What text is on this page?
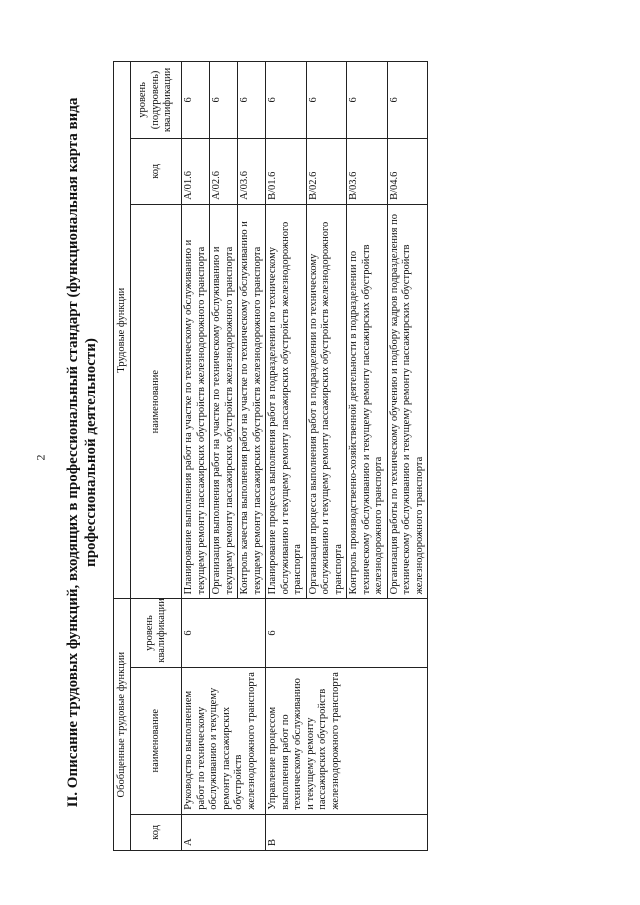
2 II. Описание трудовых функций, входящих в профессиональный стандарт (функциональная карта вида профессиональной деятельности)
Обобщенные трудовые функции			Трудовые функции		
код	наименование	уровень квалификации	наименование	код	уровень (подуровень) квалификации
A	Руководство выполнением работ по техническому обслуживанию и текущему ремонту пассажирских обустройств железнодорожного транспорта	6	Планирование выполнения работ на участке по техническому обслуживанию и текущему ремонту пассажирских обустройств железнодорожного транспорта	A/01.6	6
			Организация выполнения работ на участке по техническому обслуживанию и текущему ремонту пассажирских обустройств железнодорожного транспорта	A/02.6	6
			Контроль качества выполнения работ на участке по техническому обслуживанию и текущему ремонту пассажирских обустройств железнодорожного транспорта	A/03.6	6
B	Управление процессом выполнения работ по техническому обслуживанию и текущему ремонту пассажирских обустройств железнодорожного транспорта	6	Планирование процесса выполнения работ в подразделении по техническому обслуживанию и текущему ремонту пассажирских обустройств железнодорожного транспорта	B/01.6	6
			Организация процесса выполнения работ в подразделении по техническому обслуживанию и текущему ремонту пассажирских обустройств железнодорожного транспорта	B/02.6	6
			Контроль производственно-хозяйственной деятельности в подразделении по техническому обслуживанию и текущему ремонту пассажирских обустройств железнодорожного транспорта	B/03.6	6
			Организация работы по техническому обучению и подбору кадров подразделения по техническому обслуживанию и текущему ремонту пассажирских обустройств железнодорожного транспорта	B/04.6	6
